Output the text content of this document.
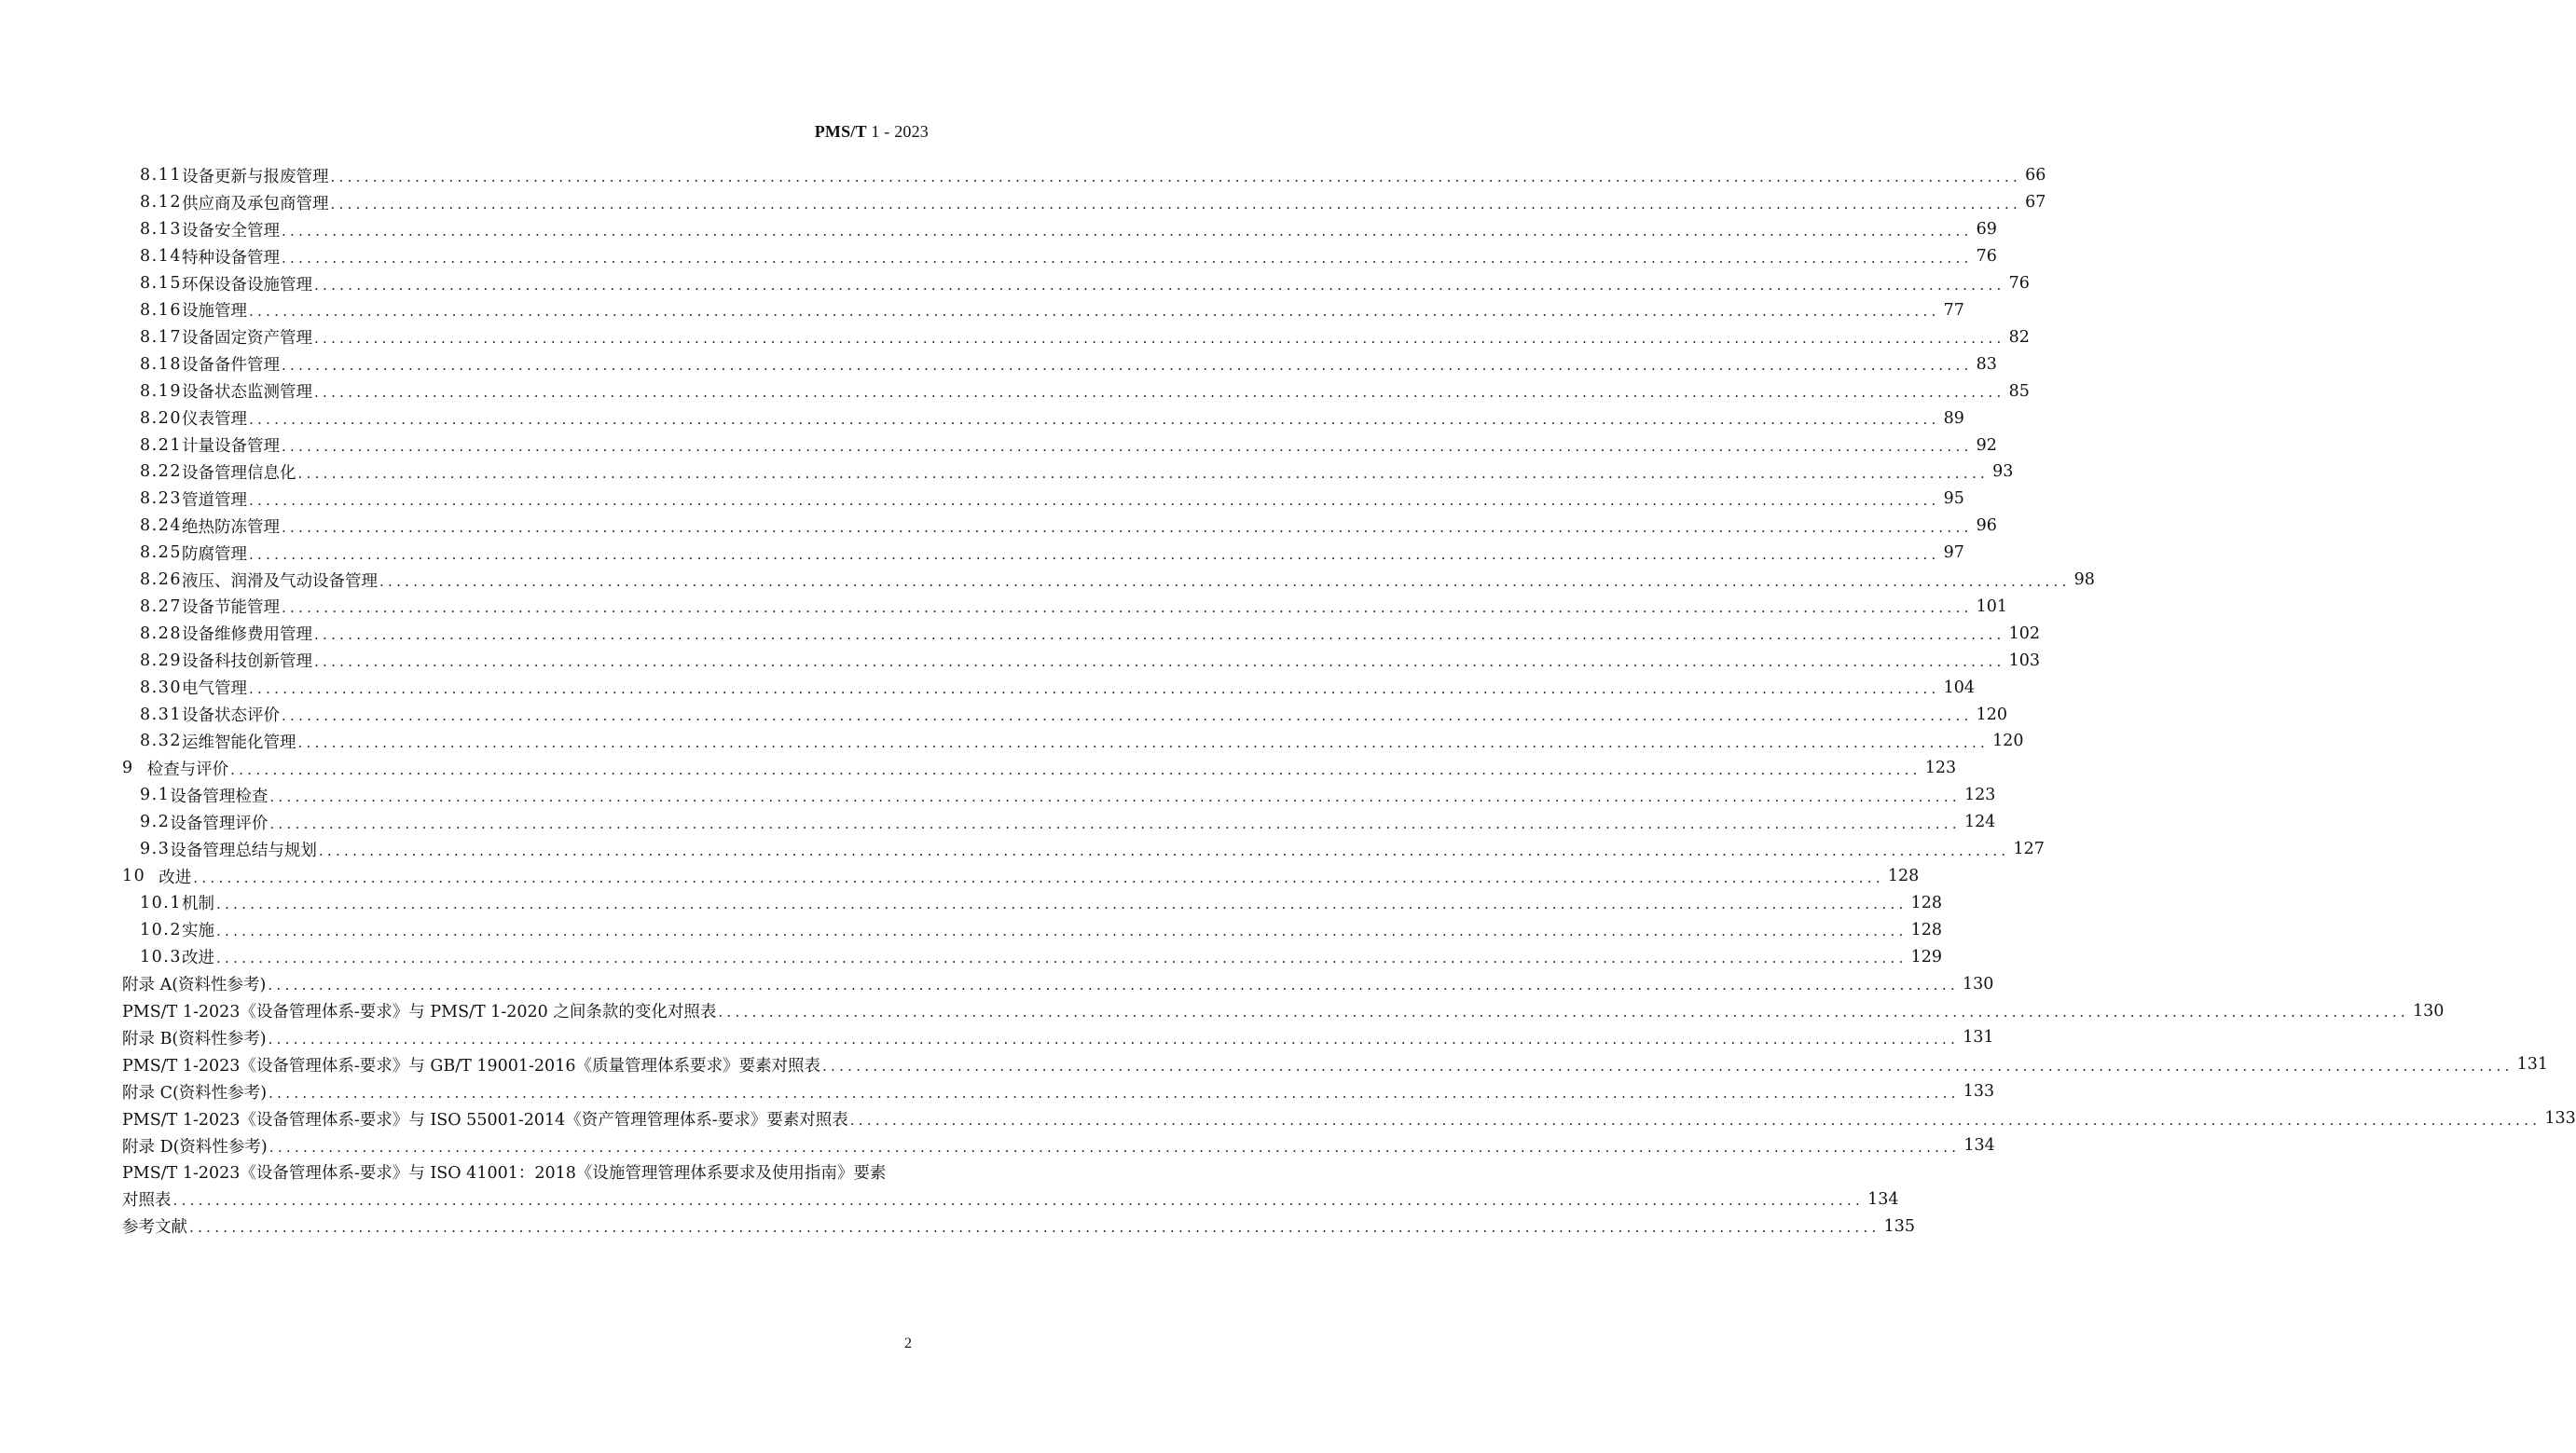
PMS/T 1 - 2023
8.11 设备更新与报废管理 ........................................................................................................................................................................................................ 66
8.12 供应商及承包商管理 ........................................................................................................................................................................................................ 67
8.13 设备安全管理 ........................................................................................................................................................................................................ 69
8.14 特种设备管理 ........................................................................................................................................................................................................ 76
8.15 环保设备设施管理 ........................................................................................................................................................................................................ 76
8.16 设施管理 ........................................................................................................................................................................................................ 77
8.17 设备固定资产管理 ........................................................................................................................................................................................................ 82
8.18 设备备件管理 ........................................................................................................................................................................................................ 83
8.19 设备状态监测管理 ........................................................................................................................................................................................................ 85
8.20 仪表管理 ........................................................................................................................................................................................................ 89
8.21 计量设备管理 ........................................................................................................................................................................................................ 92
8.22 设备管理信息化 ........................................................................................................................................................................................................ 93
8.23 管道管理 ........................................................................................................................................................................................................ 95
8.24 绝热防冻管理 ........................................................................................................................................................................................................ 96
8.25 防腐管理 ........................................................................................................................................................................................................ 97
8.26 液压、润滑及气动设备管理 ........................................................................................................................................................................................................ 98
8.27 设备节能管理 ........................................................................................................................................................................................................ 101
8.28 设备维修费用管理 ........................................................................................................................................................................................................ 102
8.29 设备科技创新管理 ........................................................................................................................................................................................................ 103
8.30 电气管理 ........................................................................................................................................................................................................ 104
8.31 设备状态评价 ........................................................................................................................................................................................................ 120
8.32 运维智能化管理 ........................................................................................................................................................................................................ 120
9 检查与评价 ........................................................................................................................................................................................................ 123
9.1 设备管理检查 ........................................................................................................................................................................................................ 123
9.2 设备管理评价 ........................................................................................................................................................................................................ 124
9.3 设备管理总结与规划 ........................................................................................................................................................................................................ 127
10 改进 ........................................................................................................................................................................................................ 128
10.1 机制 ........................................................................................................................................................................................................ 128
10.2 实施 ........................................................................................................................................................................................................ 128
10.3 改进 ........................................................................................................................................................................................................ 129
附录 A(资料性参考) ........................................................................................................................................................................................................ 130
PMS/T 1-2023《设备管理体系-要求》与 PMS/T 1-2020 之间条款的变化对照表 ........................................................................................................................................................................................................ 130
附录 B(资料性参考) ........................................................................................................................................................................................................ 131
PMS/T 1-2023《设备管理体系-要求》与 GB/T 19001-2016《质量管理体系要求》要素对照表 ........................................................................................................................................................................................................ 131
附录 C(资料性参考) ........................................................................................................................................................................................................ 133
PMS/T 1-2023《设备管理体系-要求》与 ISO 55001-2014《资产管理管理体系-要求》要素对照表 ........................................................................................................................................................................................................ 133
附录 D(资料性参考) ........................................................................................................................................................................................................ 134
PMS/T 1-2023《设备管理体系-要求》与 ISO 41001：2018《设施管理管理体系要求及使用指南》要素
对照表 ........................................................................................................................................................................................................ 134
参考文献 ........................................................................................................................................................................................................ 135
2
